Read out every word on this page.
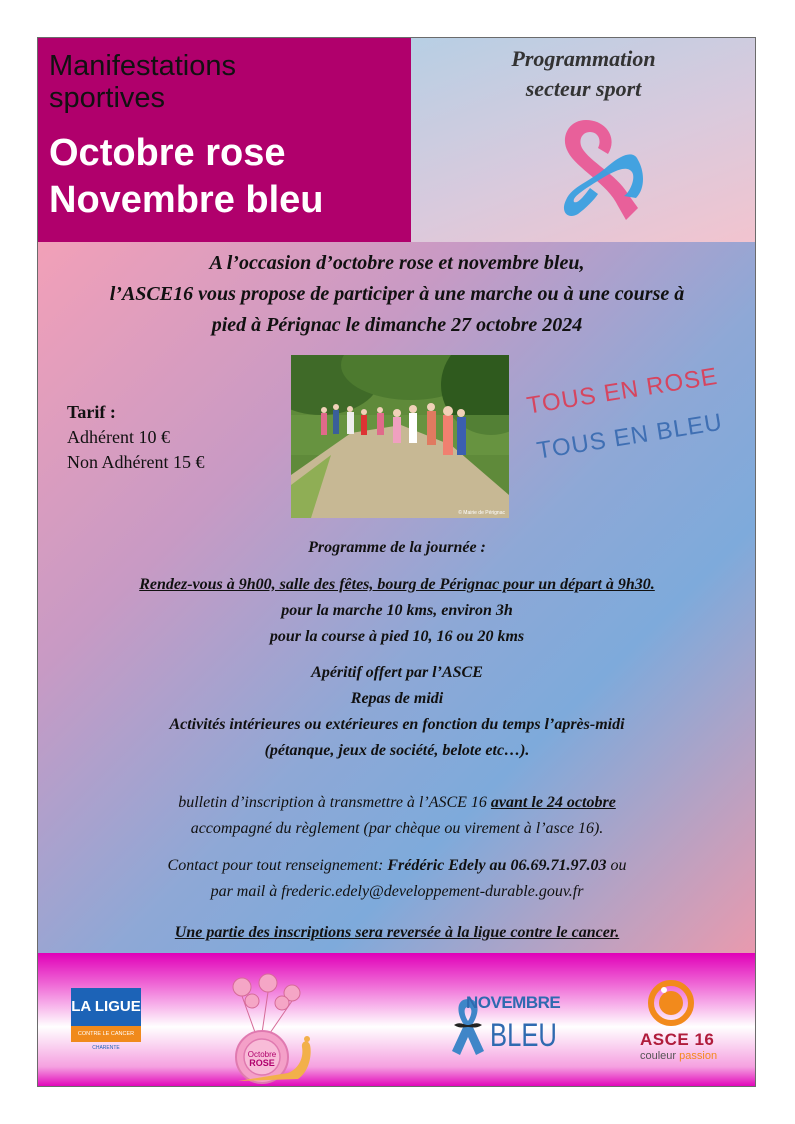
Manifestations sportives
Octobre rose
Novembre bleu
Programmation
secteur sport
A l’occasion d’octobre rose et novembre bleu,
l’ASCE16 vous propose de participer à une marche ou à une course à
pied à Pérignac le dimanche 27 octobre 2024
Tarif :
Adhérent 10 €
Non Adhérent 15 €
© Mairie de Pérignac
TOUS EN ROSE
TOUS EN BLEU
Programme de la journée :
Rendez-vous à 9h00, salle des fêtes, bourg de Pérignac pour un départ à 9h30.
pour la marche 10 kms, environ 3h
pour la course à pied 10, 16 ou 20 kms
Apéritif offert par l’ASCE
Repas de midi
Activités intérieures ou extérieures en fonction du temps l’après-midi
(pétanque, jeux de société, belote etc…).
bulletin d’inscription à transmettre à l’ASCE 16 avant le 24 octobre
accompagné du règlement (par chèque ou virement à l’asce 16).
Contact pour tout renseignement: Frédéric Edely au 06.69.71.97.03 ou
par mail à frederic.edely@developpement-durable.gouv.fr
Une partie des inscriptions sera reversée à la ligue contre le cancer.
LA LIGUE
CONTRE LE CANCER
CHARENTE
Octobre
ROSE
NOVEMBRE
BLEU	ASCE 16
couleur passion
